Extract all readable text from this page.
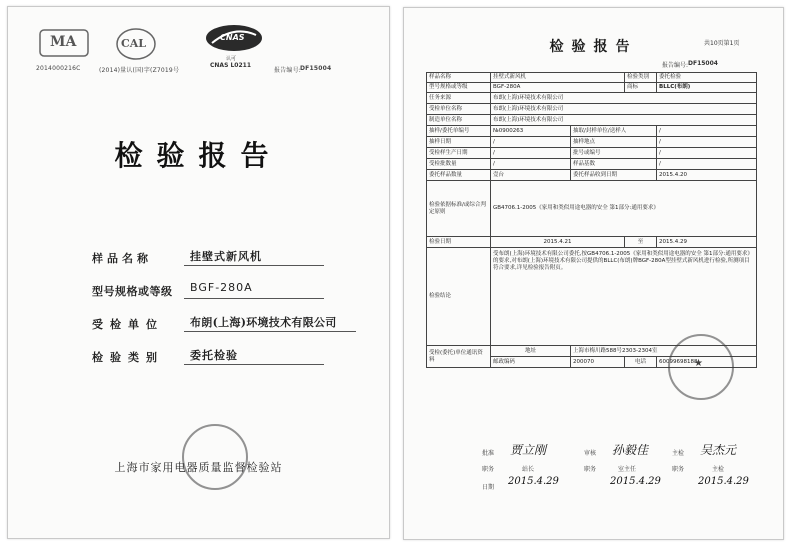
MA	CAL	CNAS
认可
CNAS L0211
2014000216C	(2014)量认(国)字(Z7019号	报告编号:
DF15004
检验报告
样品名称	挂壁式新风机
型号规格或等级 BGF-280A
受检单位 布朗(上海)环境技术有限公司
检验类别 委托检验
上海市家用电器质量监督检验站
检验报告	共10页第1页
报告编号: DF15004
样品名称	挂壁式新风机		检验类别	委托检验
型号规格或等级	BGF-280A		商标	BLLC(布朗)
任务来源	布朗(上海)环境技术有限公司			
受检单位名称	布朗(上海)环境技术有限公司			
制造单位名称	布朗(上海)环境技术有限公司			
抽样/委托单编号	№0900263	抽取/封样单位/送样人		/
抽样日期	/	抽样地点		/
受检样生产日期	/	批号或编号		/
受检批数量	/	样品基数		/
委托样品数量	壹台	委托样品收到日期		2015.4.20
检验依据标准/或综合判定原则	GB4706.1-2005《家用和类似用途电器的安全 第1部分:通用要求》			
检验日期	2015.4.21		至	2015.4.29
检验结论	受布朗(上海)环境技术有限公司委托,按GB4706.1-2005《家用和类似用途电器的安全 第1部分:通用要求》的要求,对布朗(上海)环境技术有限公司提供的BLLC(布朗)牌BGF-280A型挂壁式新风机进行检验,所测项目符合要求,详见检验报告附页。			
受检(委托)单位通讯资料	地址	上海市梅川路588号2303-2304室		
	邮政编码	200070	电话	60099698188
★
批准	审核	主检
贾立刚	孙毅佳	吴杰元
职务	站长	职务	室主任	职务	主检
日期
2015.4.29	2015.4.29	2015.4.29
